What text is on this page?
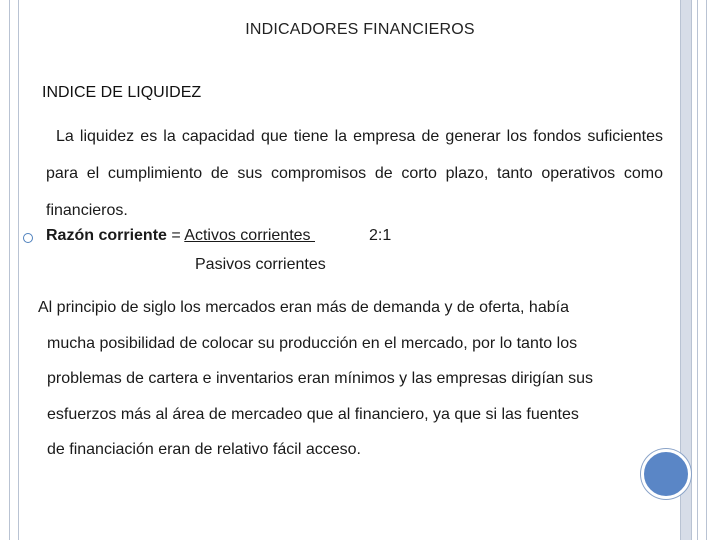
INDICADORES FINANCIEROS
INDICE DE LIQUIDEZ
La liquidez es la capacidad que tiene la empresa de generar los fondos suficientes para el cumplimiento de sus compromisos de corto plazo, tanto operativos como financieros.
Razón corriente = Activos corrientes	2:1
Pasivos corrientes
Al principio de siglo los mercados eran más de demanda y de oferta, había
mucha posibilidad de colocar su producción en el mercado, por lo tanto los
problemas de cartera e inventarios eran mínimos y las empresas dirigían sus
esfuerzos más al área de mercadeo que al financiero, ya que si las fuentes
de financiación eran de relativo fácil acceso.
